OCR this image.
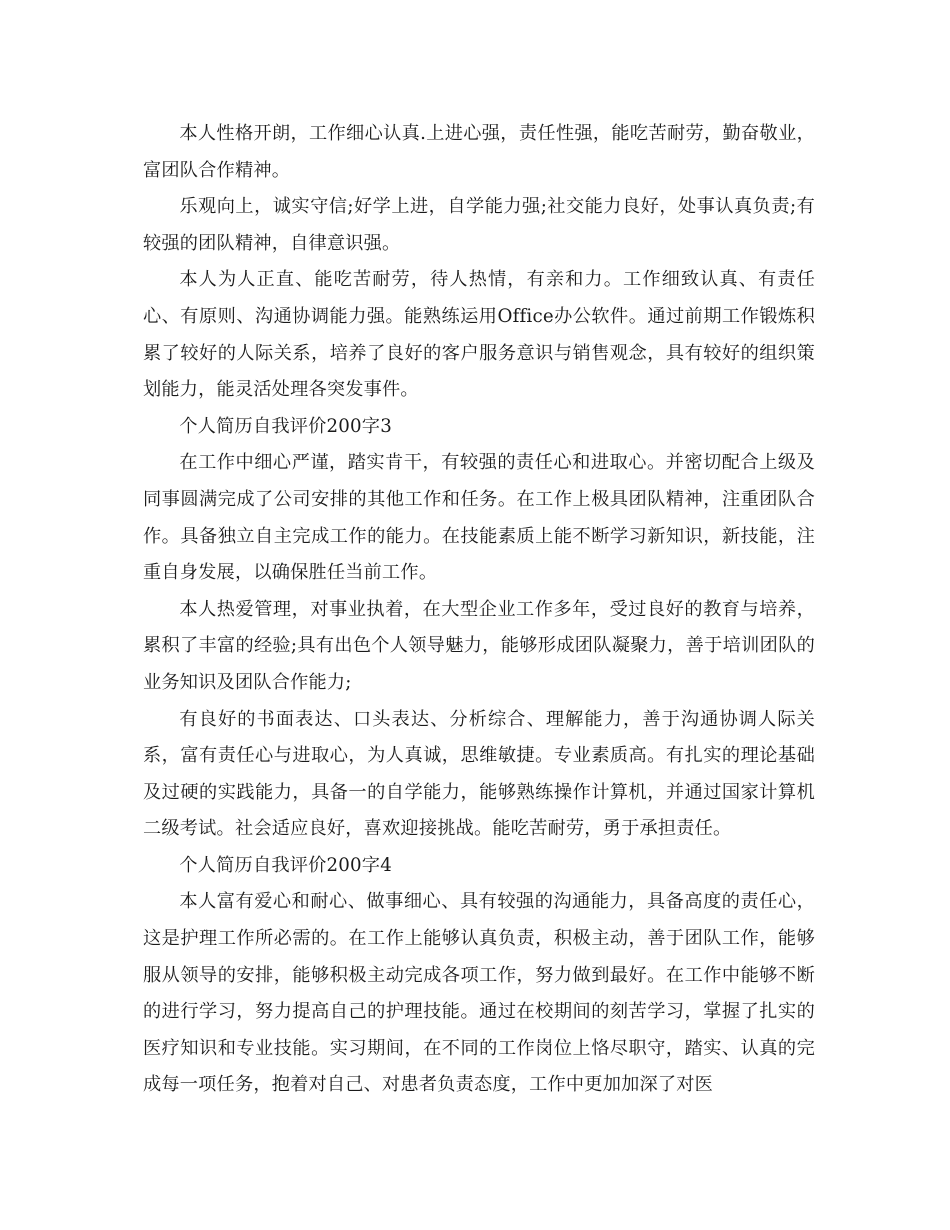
本人性格开朗，工作细心认真.上进心强，责任性强，能吃苦耐劳，勤奋敬业，富团队合作精神。

乐观向上，诚实守信;好学上进，自学能力强;社交能力良好，处事认真负责;有较强的团队精神，自律意识强。

本人为人正直、能吃苦耐劳，待人热情，有亲和力。工作细致认真、有责任心、有原则、沟通协调能力强。能熟练运用Office办公软件。通过前期工作锻炼积累了较好的人际关系，培养了良好的客户服务意识与销售观念，具有较好的组织策划能力，能灵活处理各突发事件。

个人简历自我评价200字3

在工作中细心严谨，踏实肯干，有较强的责任心和进取心。并密切配合上级及同事圆满完成了公司安排的其他工作和任务。在工作上极具团队精神，注重团队合作。具备独立自主完成工作的能力。在技能素质上能不断学习新知识，新技能，注重自身发展，以确保胜任当前工作。

本人热爱管理，对事业执着，在大型企业工作多年，受过良好的教育与培养，累积了丰富的经验;具有出色个人领导魅力，能够形成团队凝聚力，善于培训团队的业务知识及团队合作能力;

有良好的书面表达、口头表达、分析综合、理解能力，善于沟通协调人际关系，富有责任心与进取心，为人真诚，思维敏捷。专业素质高。有扎实的理论基础及过硬的实践能力，具备一的自学能力，能够熟练操作计算机，并通过国家计算机二级考试。社会适应良好，喜欢迎接挑战。能吃苦耐劳，勇于承担责任。

个人简历自我评价200字4

本人富有爱心和耐心、做事细心、具有较强的沟通能力，具备高度的责任心，这是护理工作所必需的。在工作上能够认真负责，积极主动，善于团队工作，能够服从领导的安排，能够积极主动完成各项工作，努力做到最好。在工作中能够不断的进行学习，努力提高自己的护理技能。通过在校期间的刻苦学习，掌握了扎实的医疗知识和专业技能。实习期间，在不同的工作岗位上恪尽职守，踏实、认真的完成每一项任务，抱着对自己、对患者负责态度，工作中更加加深了对医
